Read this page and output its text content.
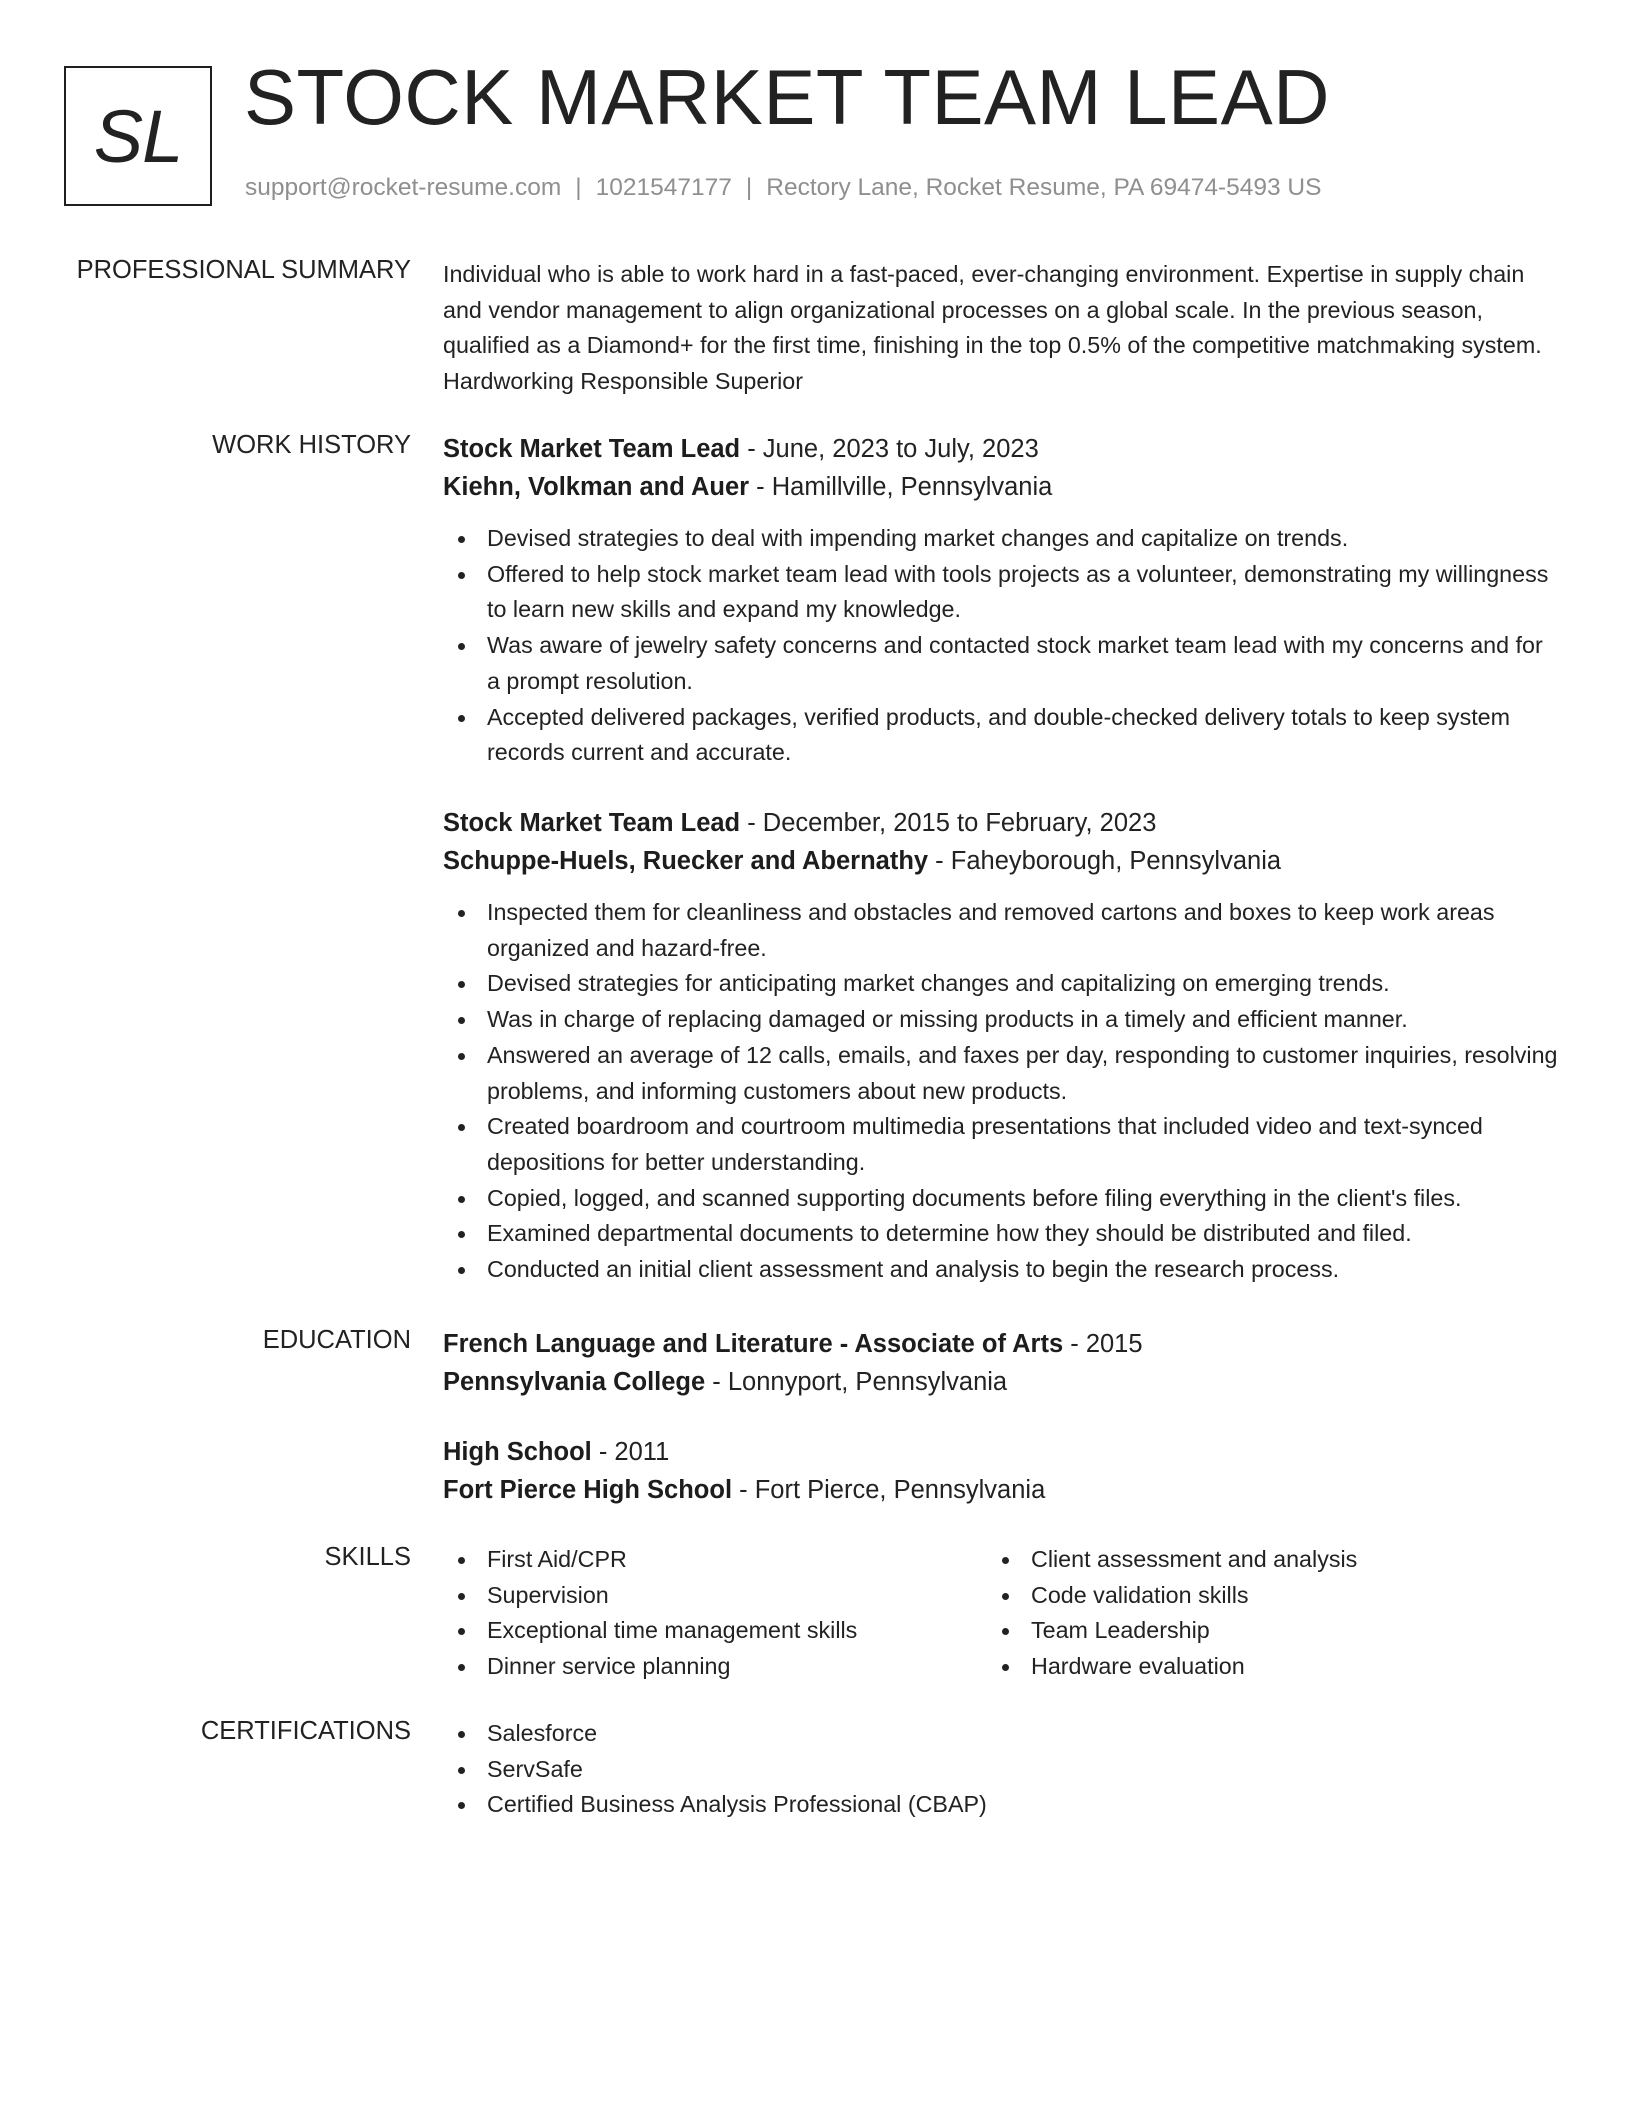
SL STOCK MARKET TEAM LEAD
support@rocket-resume.com | 1021547177 | Rectory Lane, Rocket Resume, PA 69474-5493 US
PROFESSIONAL SUMMARY Individual who is able to work hard in a fast-paced, ever-changing environment. Expertise in supply chain and vendor management to align organizational processes on a global scale. In the previous season, qualified as a Diamond+ for the first time, finishing in the top 0.5% of the competitive matchmaking system. Hardworking Responsible Superior

WORK HISTORY Stock Market Team Lead - June, 2023 to July, 2023
Kiehn, Volkman and Auer - Hamillville, Pennsylvania
Devised strategies to deal with impending market changes and capitalize on trends.
Offered to help stock market team lead with tools projects as a volunteer, demonstrating my willingness to learn new skills and expand my knowledge.
Was aware of jewelry safety concerns and contacted stock market team lead with my concerns and for a prompt resolution.
Accepted delivered packages, verified products, and double-checked delivery totals to keep system records current and accurate.
Stock Market Team Lead - December, 2015 to February, 2023
Schuppe-Huels, Ruecker and Abernathy - Faheyborough, Pennsylvania
Inspected them for cleanliness and obstacles and removed cartons and boxes to keep work areas organized and hazard-free.
Devised strategies for anticipating market changes and capitalizing on emerging trends.
Was in charge of replacing damaged or missing products in a timely and efficient manner.
Answered an average of 12 calls, emails, and faxes per day, responding to customer inquiries, resolving problems, and informing customers about new products.
Created boardroom and courtroom multimedia presentations that included video and text-synced depositions for better understanding.
Copied, logged, and scanned supporting documents before filing everything in the client's files.
Examined departmental documents to determine how they should be distributed and filed.
Conducted an initial client assessment and analysis to begin the research process.
EDUCATION French Language and Literature - Associate of Arts - 2015
Pennsylvania College - Lonnyport, Pennsylvania
High School - 2011
Fort Pierce High School - Fort Pierce, Pennsylvania
SKILLS	First Aid/CPR
Supervision
Exceptional time management skills
Dinner service planning
Client assessment and analysis
Code validation skills
Team Leadership
Hardware evaluation
CERTIFICATIONS	Salesforce
ServSafe
Certified Business Analysis Professional (CBAP)
